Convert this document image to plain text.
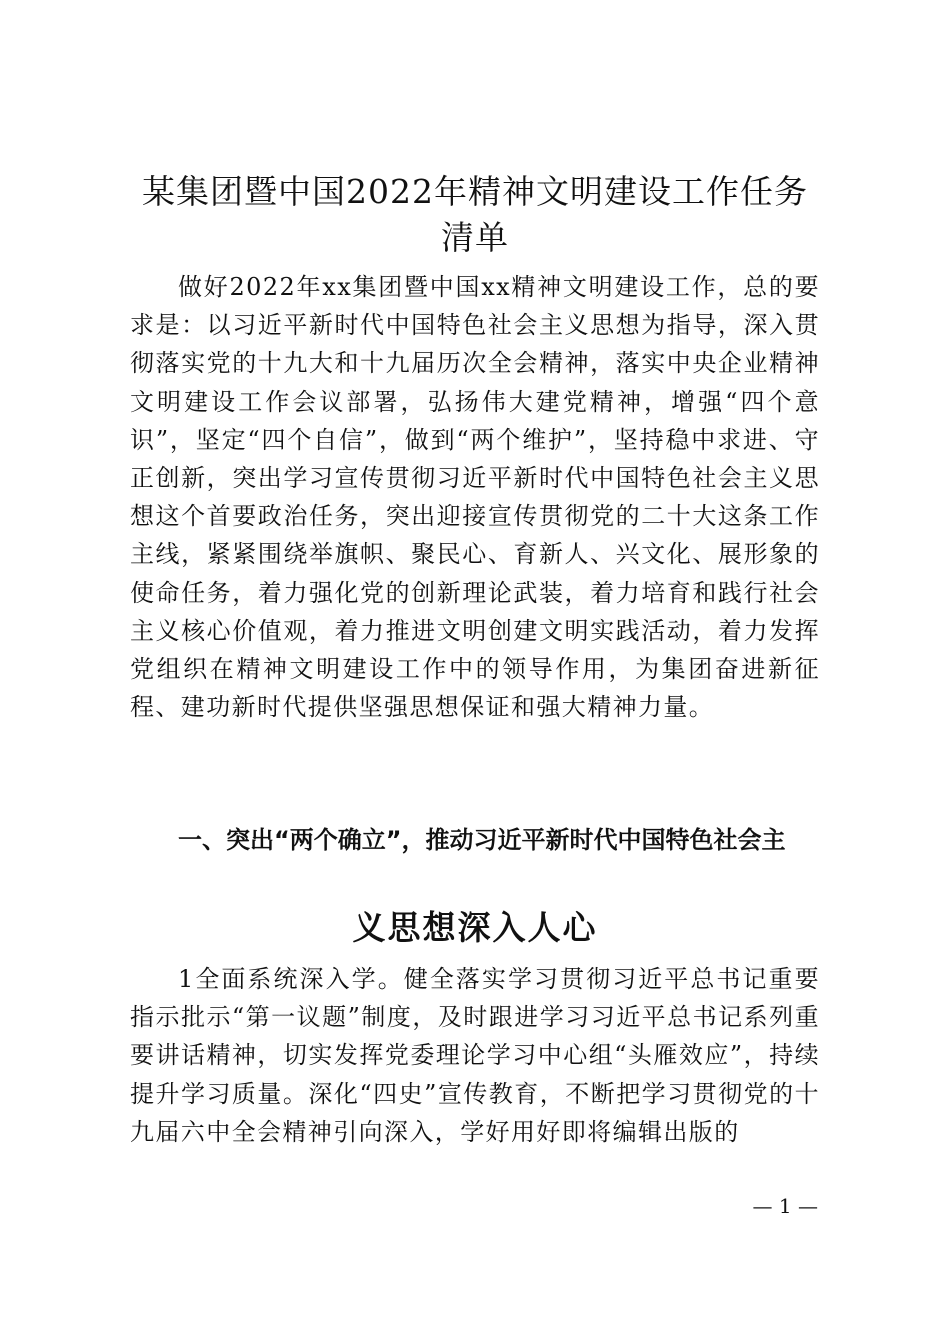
某集团暨中国2022年精神文明建设工作任务
清单

做好2022年xx集团暨中国xx精神文明建设工作，总的要求是：以习近平新时代中国特色社会主义思想为指导，深入贯彻落实党的十九大和十九届历次全会精神，落实中央企业精神文明建设工作会议部署，弘扬伟大建党精神，增强“四个意识”，坚定“四个自信”，做到“两个维护”，坚持稳中求进、守正创新，突出学习宣传贯彻习近平新时代中国特色社会主义思想这个首要政治任务，突出迎接宣传贯彻党的二十大这条工作主线，紧紧围绕举旗帜、聚民心、育新人、兴文化、展形象的使命任务，着力强化党的创新理论武装，着力培育和践行社会主义核心价值观，着力推进文明创建文明实践活动，着力发挥党组织在精神文明建设工作中的领导作用，为集团奋进新征程、建功新时代提供坚强思想保证和强大精神力量。

一、突出“两个确立”，推动习近平新时代中国特色社会主
义思想深入人心

1全面系统深入学。健全落实学习贯彻习近平总书记重要指示批示“第一议题”制度，及时跟进学习习近平总书记系列重要讲话精神，切实发挥党委理论学习中心组“头雁效应”，持续提升学习质量。深化“四史”宣传教育，不断把学习贯彻党的十九届六中全会精神引向深入，学好用好即将编辑出版的

— 1 —
